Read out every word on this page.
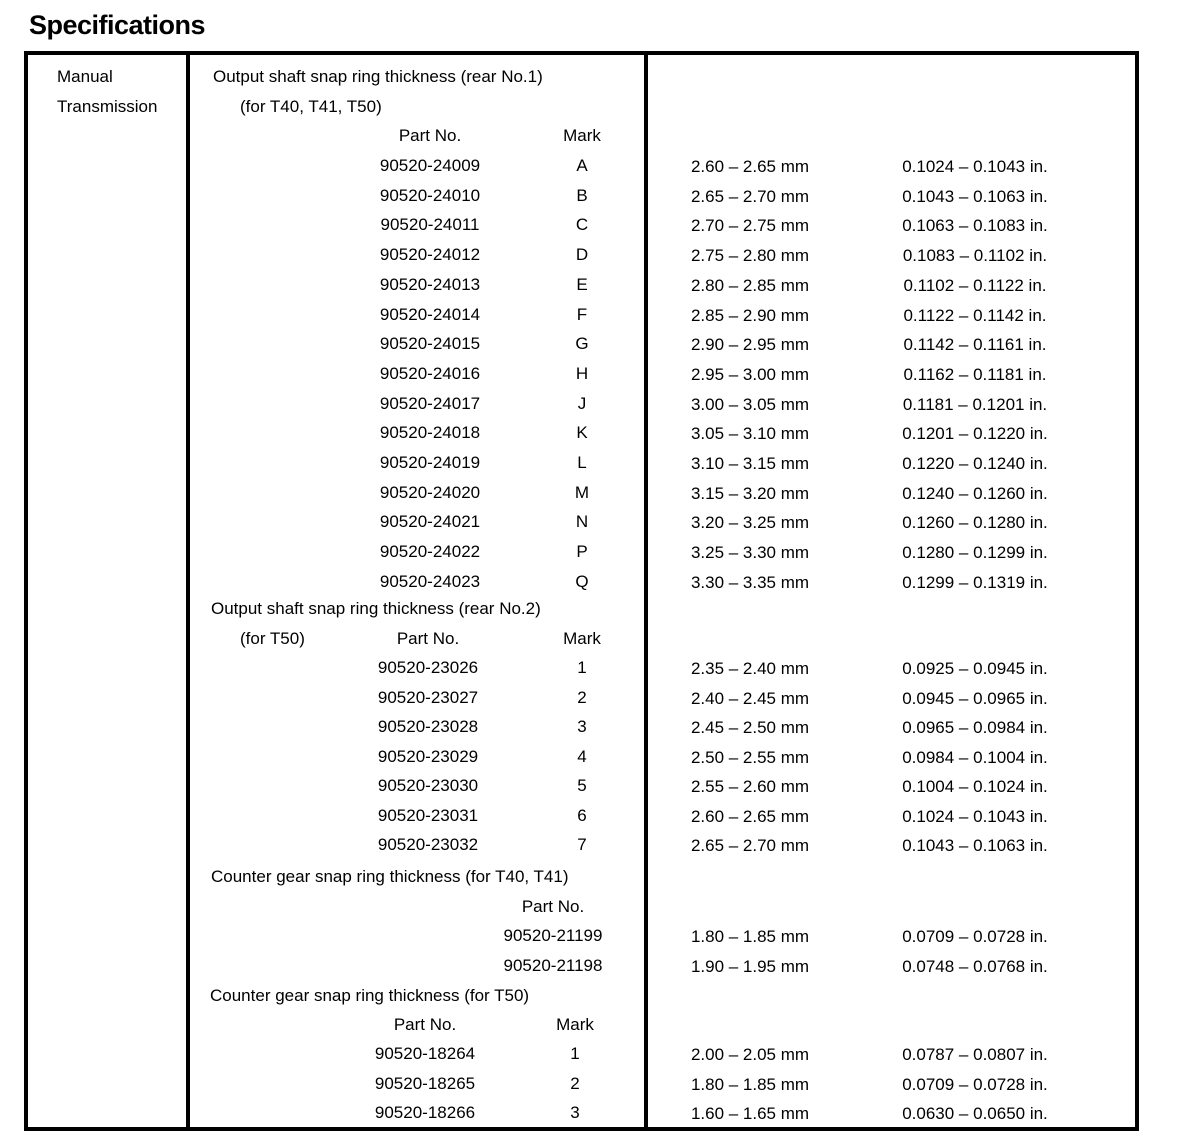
Specifications
Manual
Transmission
Output shaft snap ring thickness (rear No.1)
(for T40, T41, T50)
Part No.	Mark
90520-24009	A	2.60 – 2.65 mm	0.1024 – 0.1043 in.
90520-24010	B	2.65 – 2.70 mm	0.1043 – 0.1063 in.
90520-24011	C	2.70 – 2.75 mm	0.1063 – 0.1083 in.
90520-24012	D	2.75 – 2.80 mm	0.1083 – 0.1102 in.
90520-24013	E	2.80 – 2.85 mm	0.1102 – 0.1122 in.
90520-24014	F	2.85 – 2.90 mm	0.1122 – 0.1142 in.
90520-24015	G	2.90 – 2.95 mm	0.1142 – 0.1161 in.
90520-24016	H	2.95 – 3.00 mm	0.1162 – 0.1181 in.
90520-24017	J	3.00 – 3.05 mm	0.1181 – 0.1201 in.
90520-24018	K	3.05 – 3.10 mm	0.1201 – 0.1220 in.
90520-24019	L	3.10 – 3.15 mm	0.1220 – 0.1240 in.
90520-24020	M	3.15 – 3.20 mm	0.1240 – 0.1260 in.
90520-24021	N	3.20 – 3.25 mm	0.1260 – 0.1280 in.
90520-24022	P	3.25 – 3.30 mm	0.1280 – 0.1299 in.
90520-24023	Q	3.30 – 3.35 mm	0.1299 – 0.1319 in.
Output shaft snap ring thickness (rear No.2)
(for T50)	Part No.	Mark
90520-23026	1	2.35 – 2.40 mm	0.0925 – 0.0945 in.
90520-23027	2	2.40 – 2.45 mm	0.0945 – 0.0965 in.
90520-23028	3	2.45 – 2.50 mm	0.0965 – 0.0984 in.
90520-23029	4	2.50 – 2.55 mm	0.0984 – 0.1004 in.
90520-23030	5	2.55 – 2.60 mm	0.1004 – 0.1024 in.
90520-23031	6	2.60 – 2.65 mm	0.1024 – 0.1043 in.
90520-23032	7	2.65 – 2.70 mm	0.1043 – 0.1063 in.
Counter gear snap ring thickness (for T40, T41)
Part No.
90520-21199	1.80 – 1.85 mm	0.0709 – 0.0728 in.
90520-21198	1.90 – 1.95 mm	0.0748 – 0.0768 in.
Counter gear snap ring thickness (for T50)
Part No.	Mark
90520-18264	1	2.00 – 2.05 mm	0.0787 – 0.0807 in.
90520-18265	2	1.80 – 1.85 mm	0.0709 – 0.0728 in.
90520-18266	3	1.60 – 1.65 mm	0.0630 – 0.0650 in.
